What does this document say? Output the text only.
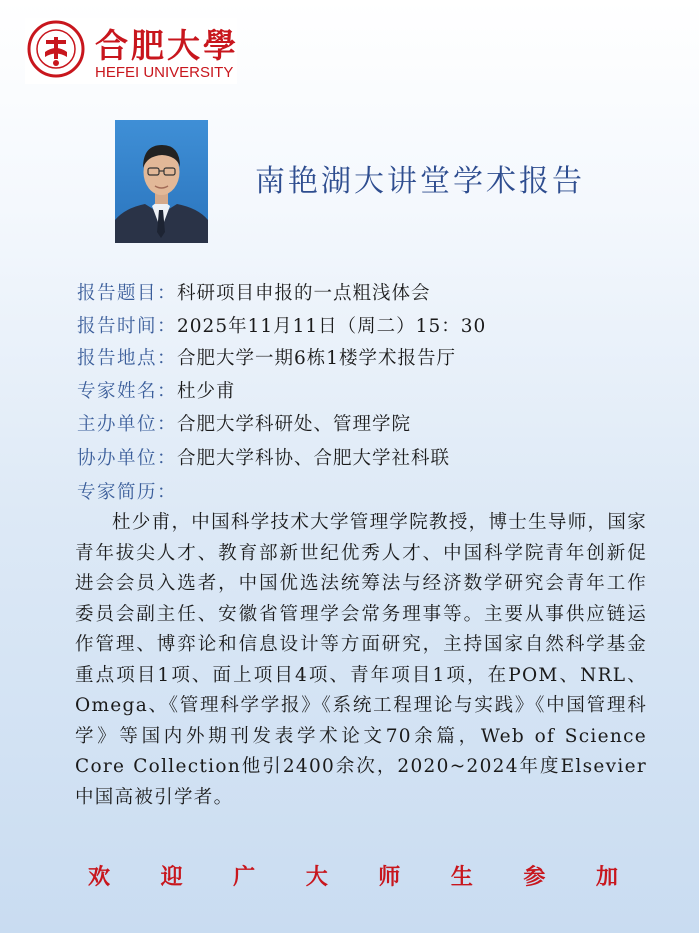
合肥大學
HEFEI UNIVERSITY
南艳湖大讲堂学术报告
报告题目：科研项目申报的一点粗浅体会
报告时间：2025年11月11日（周二）15：30
报告地点：合肥大学一期6栋1楼学术报告厅
专家姓名：杜少甫
主办单位：合肥大学科研处、管理学院
协办单位：合肥大学科协、合肥大学社科联
专家简历：

杜少甫，中国科学技术大学管理学院教授，博士生导师，国家青年拔尖人才、教育部新世纪优秀人才、中国科学院青年创新促进会会员入选者，中国优选法统筹法与经济数学研究会青年工作委员会副主任、安徽省管理学会常务理事等。主要从事供应链运作管理、博弈论和信息设计等方面研究，主持国家自然科学基金重点项目1项、面上项目4项、青年项目1项，在POM、NRL、Omega、《管理科学学报》《系统工程理论与实践》《中国管理科学》等国内外期刊发表学术论文70余篇，Web of Science Core Collection他引2400余次，2020~2024年度Elsevier中国高被引学者。

欢 迎 广 大 师 生 参 加
